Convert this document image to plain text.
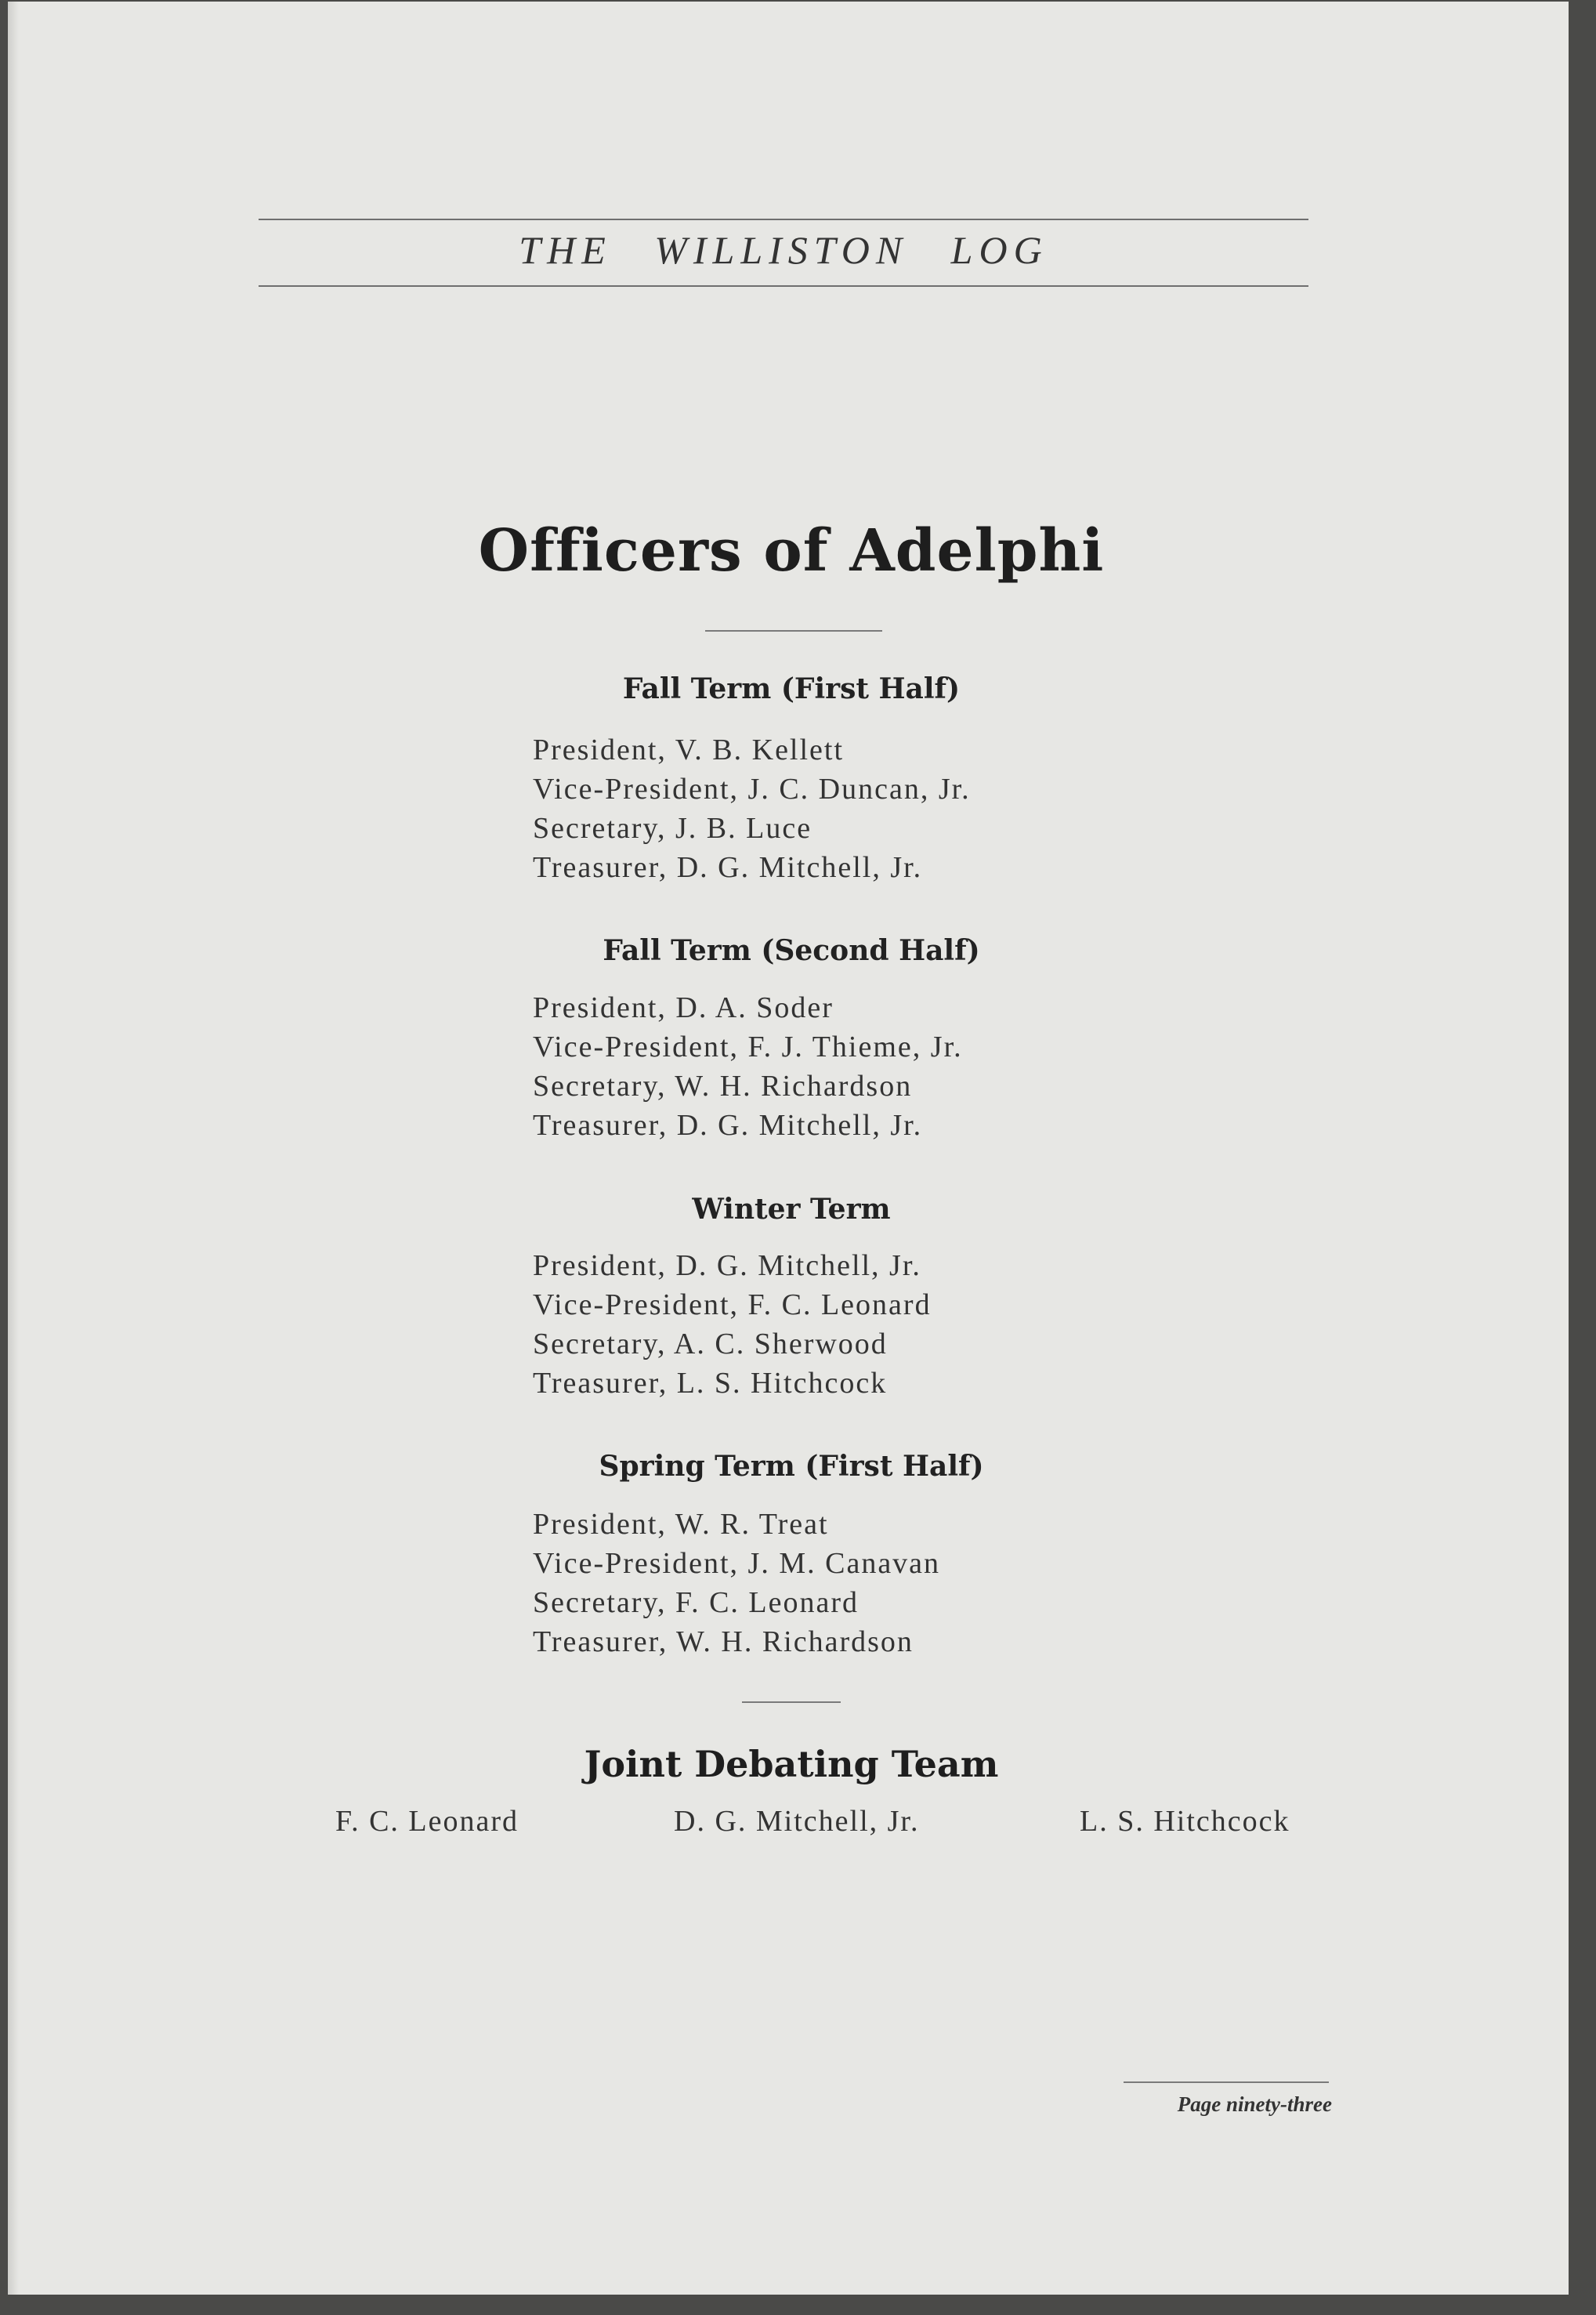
THE WILLISTON LOG
Officers of Adelphi
Fall Term (First Half)
President, V. B. Kellett
Vice-President, J. C. Duncan, Jr.
Secretary, J. B. Luce
Treasurer, D. G. Mitchell, Jr.
Fall Term (Second Half)
President, D. A. Soder
Vice-President, F. J. Thieme, Jr.
Secretary, W. H. Richardson
Treasurer, D. G. Mitchell, Jr.
Winter Term
President, D. G. Mitchell, Jr.
Vice-President, F. C. Leonard
Secretary, A. C. Sherwood
Treasurer, L. S. Hitchcock
Spring Term (First Half)
President, W. R. Treat
Vice-President, J. M. Canavan
Secretary, F. C. Leonard
Treasurer, W. H. Richardson
Joint Debating Team
F. C. Leonard	D. G. Mitchell, Jr.	L. S. Hitchcock
Page ninety-three
